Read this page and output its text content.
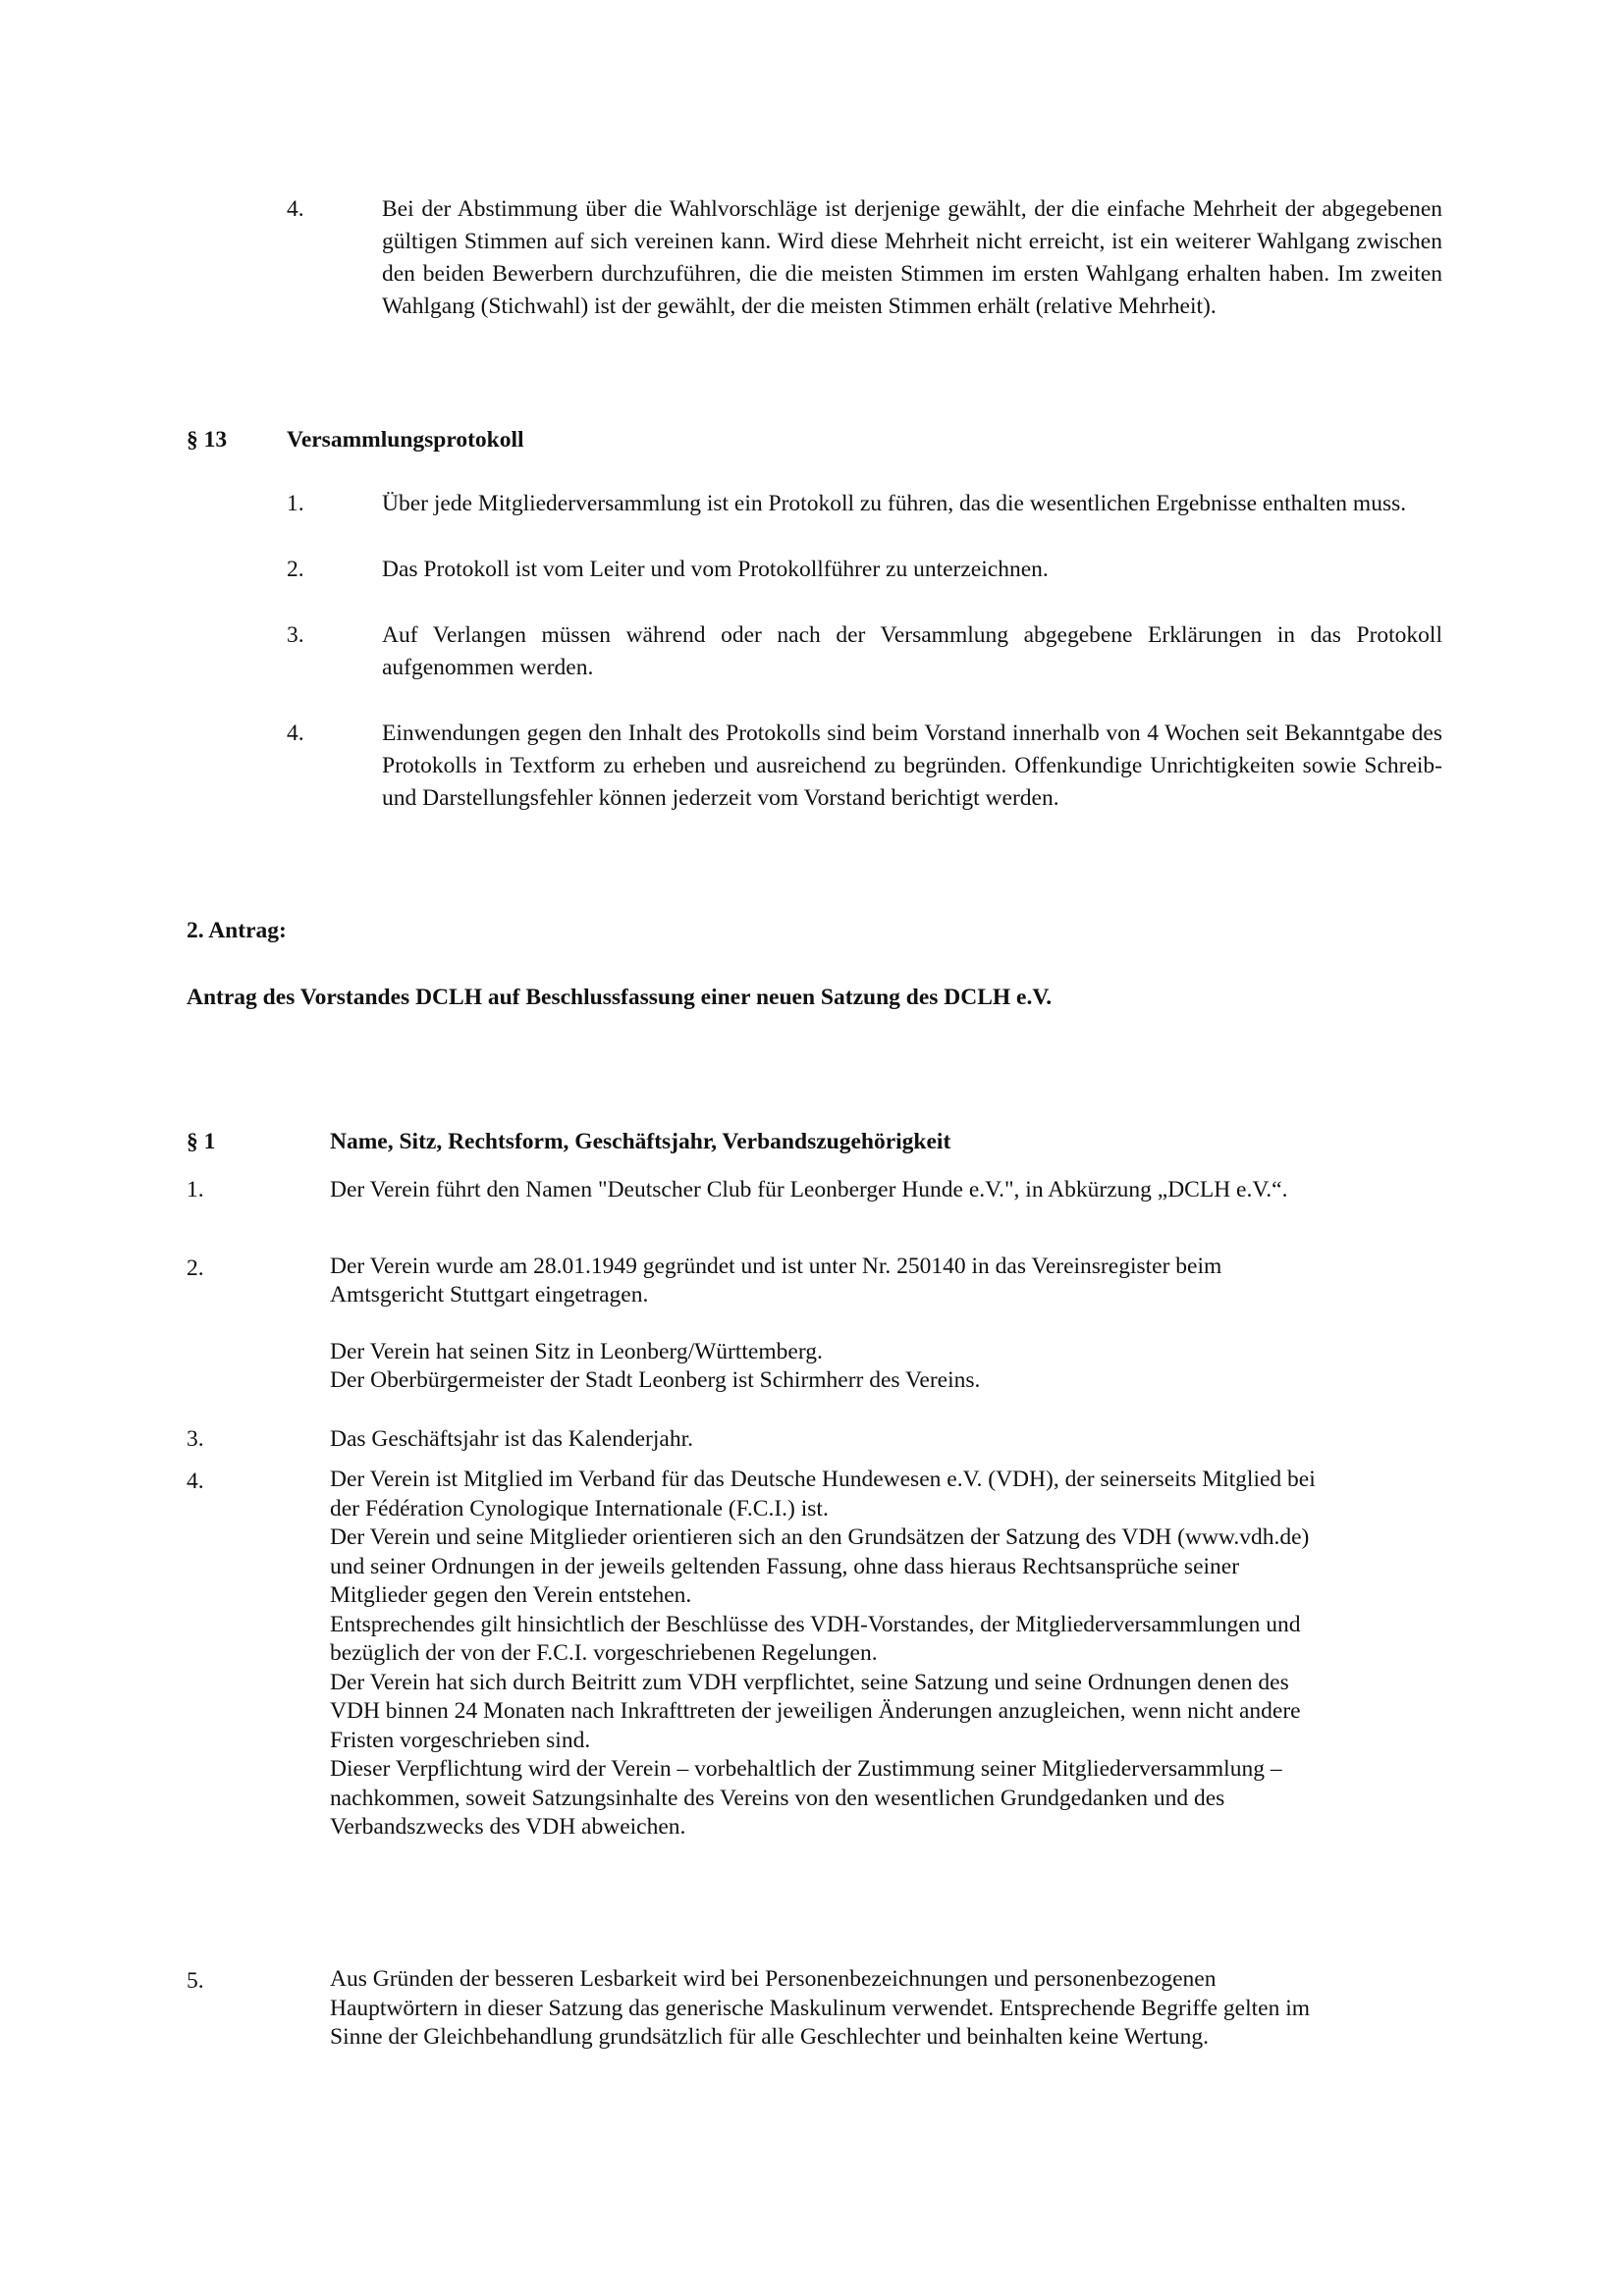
4.	Bei der Abstimmung über die Wahlvorschläge ist derjenige gewählt, der die einfache Mehrheit der abgegebenen gültigen Stimmen auf sich vereinen kann. Wird diese Mehrheit nicht erreicht, ist ein weiterer Wahlgang zwischen den beiden Bewerbern durchzuführen, die die meisten Stimmen im ersten Wahlgang erhalten haben. Im zweiten Wahlgang (Stichwahl) ist der gewählt, der die meisten Stimmen erhält (relative Mehrheit).
§ 13	Versammlungsprotokoll
1.	Über jede Mitgliederversammlung ist ein Protokoll zu führen, das die wesentlichen Ergebnisse enthalten muss.
2.	Das Protokoll ist vom Leiter und vom Protokollführer zu unterzeichnen.
3.	Auf Verlangen müssen während oder nach der Versammlung abgegebene Erklärungen in das Protokoll aufgenommen werden.
4.	Einwendungen gegen den Inhalt des Protokolls sind beim Vorstand innerhalb von 4 Wochen seit Bekanntgabe des Protokolls in Textform zu erheben und ausreichend zu begründen. Offenkundige Unrichtigkeiten sowie Schreib- und Darstellungsfehler können jederzeit vom Vorstand berichtigt werden.
2. Antrag:
Antrag des Vorstandes DCLH auf Beschlussfassung einer neuen Satzung des DCLH e.V.
§ 1	Name, Sitz, Rechtsform, Geschäftsjahr, Verbandszugehörigkeit
1.	Der Verein führt den Namen "Deutscher Club für Leonberger Hunde e.V.", in Abkürzung „DCLH e.V.“.
2.	Der Verein wurde am 28.01.1949 gegründet und ist unter Nr. 250140 in das Vereinsregister beim
Amtsgericht Stuttgart eingetragen.
Der Verein hat seinen Sitz in Leonberg/Württemberg.
Der Oberbürgermeister der Stadt Leonberg ist Schirmherr des Vereins.
3.	Das Geschäftsjahr ist das Kalenderjahr.
4.	Der Verein ist Mitglied im Verband für das Deutsche Hundewesen e.V. (VDH), der seinerseits Mitglied bei
der Fédération Cynologique Internationale (F.C.I.) ist.
Der Verein und seine Mitglieder orientieren sich an den Grundsätzen der Satzung des VDH (www.vdh.de)
und seiner Ordnungen in der jeweils geltenden Fassung, ohne dass hieraus Rechtsansprüche seiner
Mitglieder gegen den Verein entstehen.
Entsprechendes gilt hinsichtlich der Beschlüsse des VDH-Vorstandes, der Mitgliederversammlungen und
bezüglich der von der F.C.I. vorgeschriebenen Regelungen.
Der Verein hat sich durch Beitritt zum VDH verpflichtet, seine Satzung und seine Ordnungen denen des
VDH binnen 24 Monaten nach Inkrafttreten der jeweiligen Änderungen anzugleichen, wenn nicht andere
Fristen vorgeschrieben sind.
Dieser Verpflichtung wird der Verein – vorbehaltlich der Zustimmung seiner Mitgliederversammlung –
nachkommen, soweit Satzungsinhalte des Vereins von den wesentlichen Grundgedanken und des
Verbandszwecks des VDH abweichen.
5.	Aus Gründen der besseren Lesbarkeit wird bei Personenbezeichnungen und personenbezogenen
Hauptwörtern in dieser Satzung das generische Maskulinum verwendet. Entsprechende Begriffe gelten im
Sinne der Gleichbehandlung grundsätzlich für alle Geschlechter und beinhalten keine Wertung.
